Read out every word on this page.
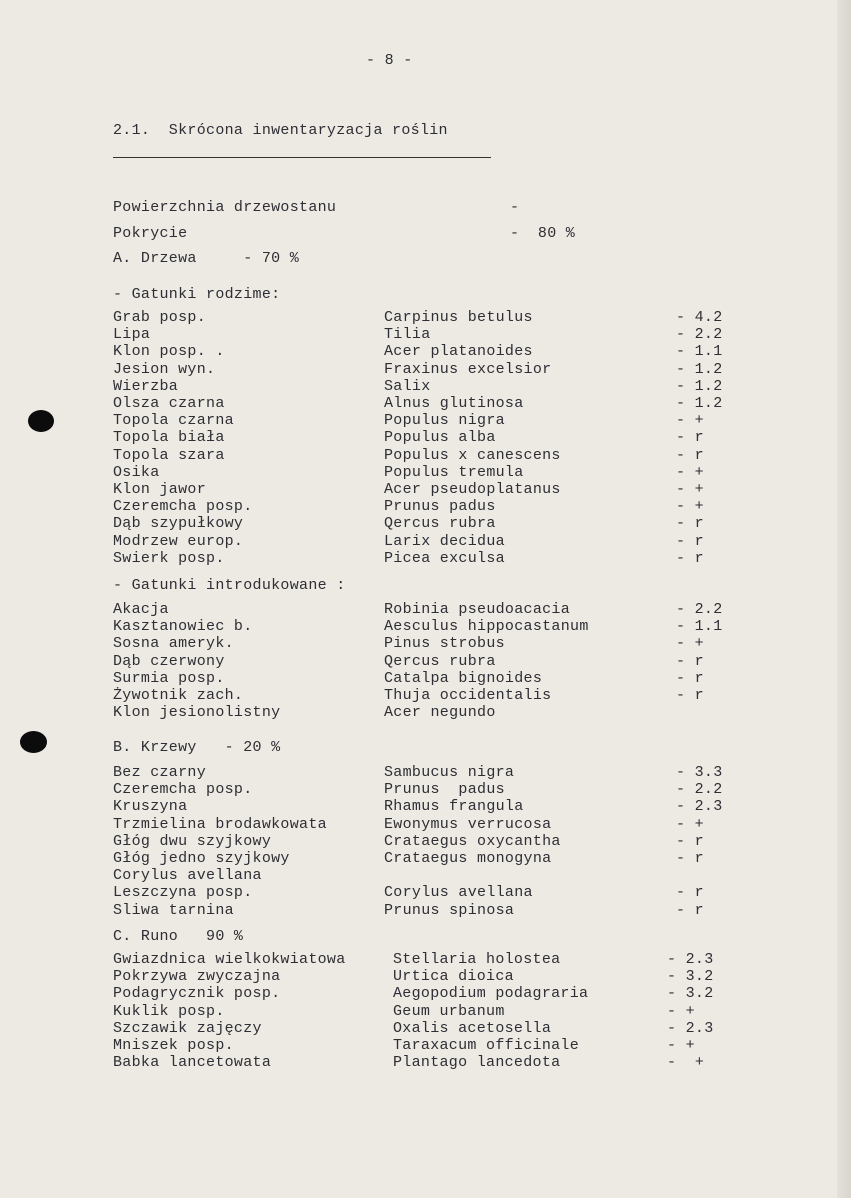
- 8 -
2.1.  Skrócona inwentaryzacja roślin
Powierzchnia drzewostanu	-
Pokrycie	-  80 %
A. Drzewa     - 70 %
- Gatunki rodzime:
Grab posp.	Carpinus betulus	- 4.2
Lipa	Tilia	- 2.2
Klon posp. .	Acer platanoides	- 1.1
Jesion wyn.	Fraxinus excelsior	- 1.2
Wierzba	Salix	- 1.2
Olsza czarna	Alnus glutinosa	- 1.2
Topola czarna	Populus nigra	- +
Topola biała	Populus alba	- r
Topola szara	Populus x canescens	- r
Osika	Populus tremula	- +
Klon jawor	Acer pseudoplatanus	- +
Czeremcha posp.	Prunus padus	- +
Dąb szypułkowy	Qercus rubra	- r
Modrzew europ.	Larix decidua	- r
Swierk posp.	Picea exculsa	- r
- Gatunki introdukowane :
Akacja	Robinia pseudoacacia	- 2.2
Kasztanowiec b.	Aesculus hippocastanum	- 1.1
Sosna ameryk.	Pinus strobus	- +
Dąb czerwony	Qercus rubra	- r
Surmia posp.	Catalpa bignoides	- r
Żywotnik zach.	Thuja occidentalis	- r
Klon jesionolistny	Acer negundo
B. Krzewy   - 20 %
Bez czarny	Sambucus nigra	- 3.3
Czeremcha posp.	Prunus  padus	- 2.2
Kruszyna	Rhamus frangula	- 2.3
Trzmielina brodawkowata	Ewonymus verrucosa	- +
Głóg dwu szyjkowy	Crataegus oxycantha	- r
Głóg jedno szyjkowy	Crataegus monogyna	- r
Corylus avellana
Leszczyna posp.	Corylus avellana	- r
Sliwa tarnina	Prunus spinosa	- r
C. Runo   90 %
Gwiazdnica wielkokwiatowa	Stellaria holostea	- 2.3
Pokrzywa zwyczajna	Urtica dioica	- 3.2
Podagrycznik posp.	Aegopodium podagraria	- 3.2
Kuklik posp.	Geum urbanum	- +
Szczawik zajęczy	Oxalis acetosella	- 2.3
Mniszek posp.	Taraxacum officinale	- +
Babka lancetowata	Plantago lancedota	-  +
